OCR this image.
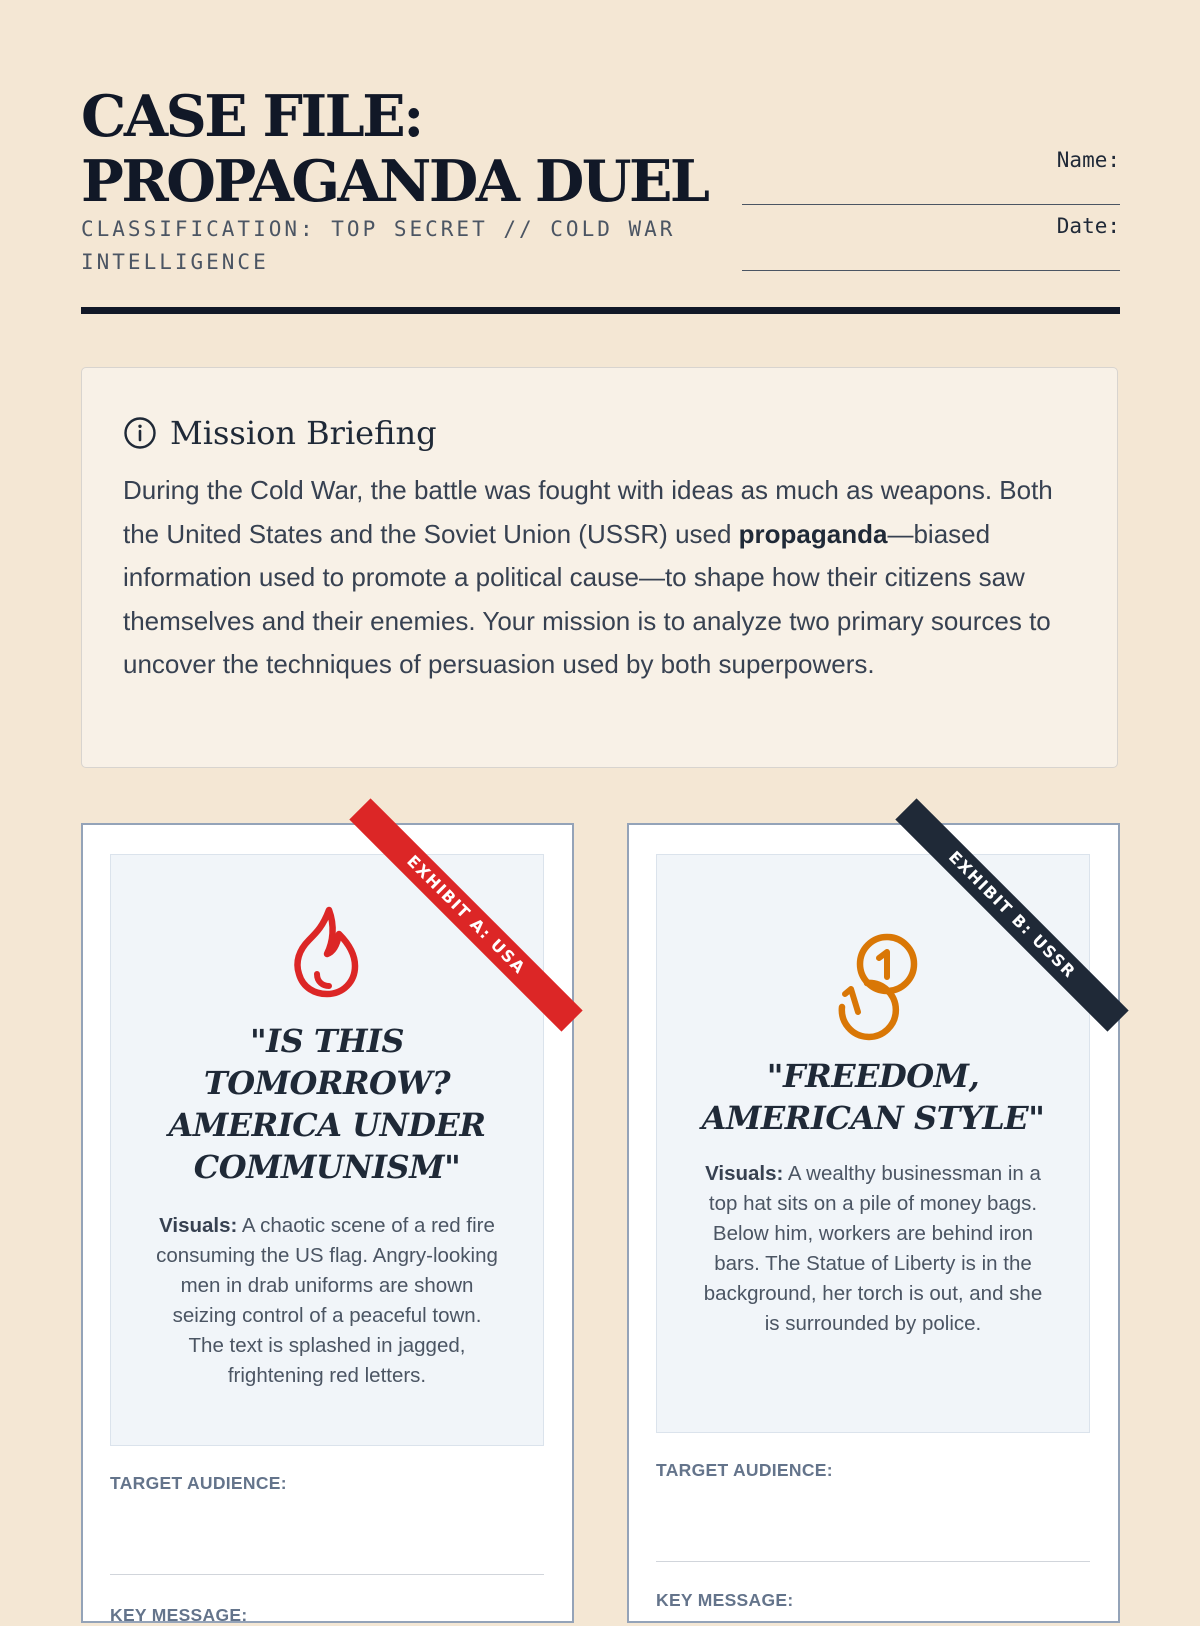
CASE FILE:
PROPAGANDA DUEL
CLASSIFICATION: TOP SECRET // COLD WAR INTELLIGENCE
Name:
Date:
Mission Briefing
During the Cold War, the battle was fought with ideas as much as weapons. Both the United States and the Soviet Union (USSR) used propaganda—biased information used to promote a political cause—to shape how their citizens saw themselves and their enemies. Your mission is to analyze two primary sources to uncover the techniques of persuasion used by both superpowers.
EXHIBIT A: USA
"IS THIS TOMORROW? AMERICA UNDER COMMUNISM"
Visuals: A chaotic scene of a red fire consuming the US flag. Angry-looking men in drab uniforms are shown seizing control of a peaceful town. The text is splashed in jagged, frightening red letters.
TARGET AUDIENCE:
KEY MESSAGE:
EXHIBIT B: USSR
"FREEDOM, AMERICAN STYLE"
Visuals: A wealthy businessman in a top hat sits on a pile of money bags. Below him, workers are behind iron bars. The Statue of Liberty is in the background, her torch is out, and she is surrounded by police.
TARGET AUDIENCE:
KEY MESSAGE:
